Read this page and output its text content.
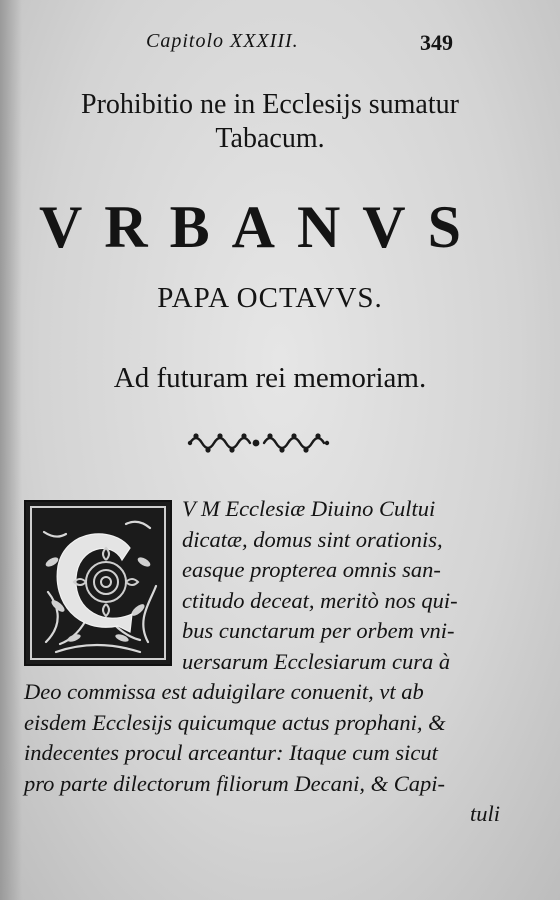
Capitolo XXXIII.	349
Prohibitio ne in Ecclesijs sumatur
Tabacum.
VRBANVS
PAPA OCTAVVS.
Ad futuram rei memoriam.
V M Ecclesiæ Diuino Cultui
dicatæ, domus sint orationis,
easque propterea omnis san-
ctitudo deceat, meritò nos qui-
bus cunctarum per orbem vni-
uersarum Ecclesiarum cura à
Deo commissa est aduigilare conuenit, vt ab
eisdem Ecclesijs quicumque actus prophani, &
indecentes procul arceantur: Itaque cum sicut
pro parte dilectorum filiorum Decani, & Capi-
tuli
